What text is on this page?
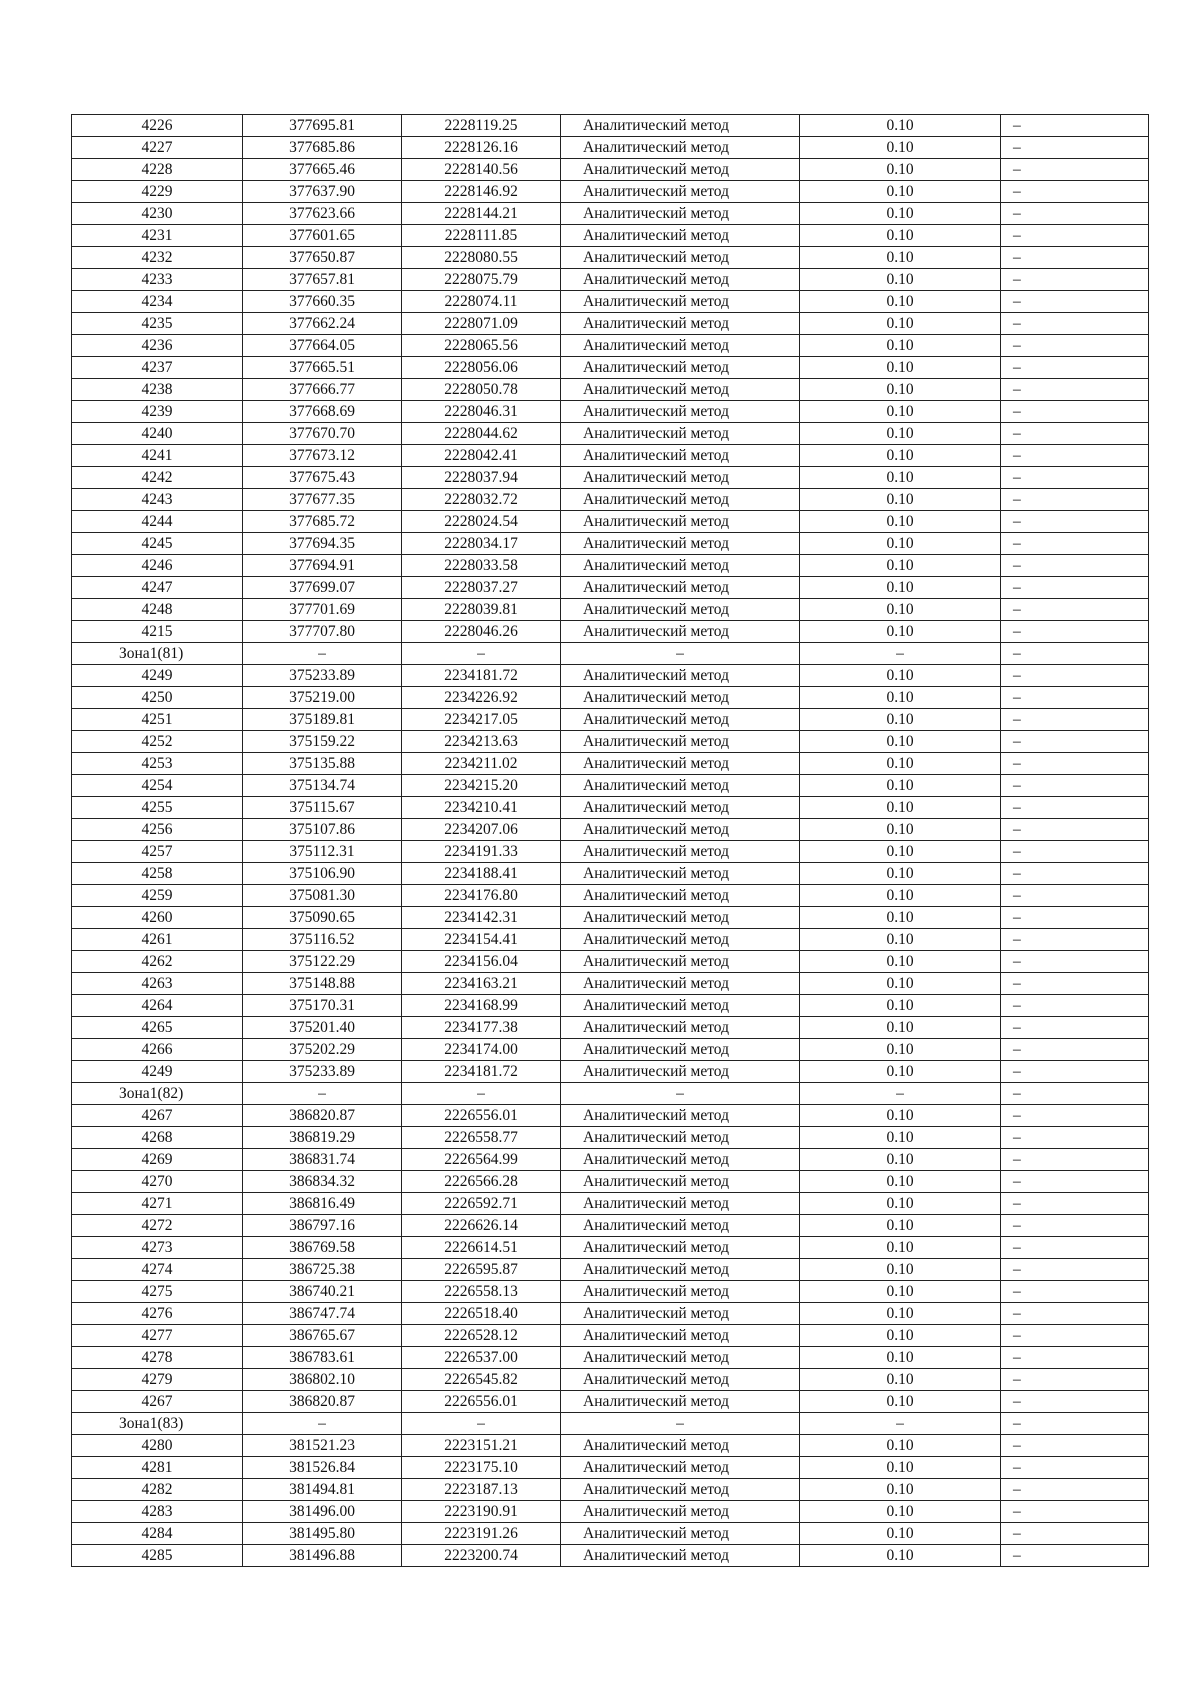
4226	377695.81	2228119.25	Аналитический метод	0.10	–
4227	377685.86	2228126.16	Аналитический метод	0.10	–
4228	377665.46	2228140.56	Аналитический метод	0.10	–
4229	377637.90	2228146.92	Аналитический метод	0.10	–
4230	377623.66	2228144.21	Аналитический метод	0.10	–
4231	377601.65	2228111.85	Аналитический метод	0.10	–
4232	377650.87	2228080.55	Аналитический метод	0.10	–
4233	377657.81	2228075.79	Аналитический метод	0.10	–
4234	377660.35	2228074.11	Аналитический метод	0.10	–
4235	377662.24	2228071.09	Аналитический метод	0.10	–
4236	377664.05	2228065.56	Аналитический метод	0.10	–
4237	377665.51	2228056.06	Аналитический метод	0.10	–
4238	377666.77	2228050.78	Аналитический метод	0.10	–
4239	377668.69	2228046.31	Аналитический метод	0.10	–
4240	377670.70	2228044.62	Аналитический метод	0.10	–
4241	377673.12	2228042.41	Аналитический метод	0.10	–
4242	377675.43	2228037.94	Аналитический метод	0.10	–
4243	377677.35	2228032.72	Аналитический метод	0.10	–
4244	377685.72	2228024.54	Аналитический метод	0.10	–
4245	377694.35	2228034.17	Аналитический метод	0.10	–
4246	377694.91	2228033.58	Аналитический метод	0.10	–
4247	377699.07	2228037.27	Аналитический метод	0.10	–
4248	377701.69	2228039.81	Аналитический метод	0.10	–
4215	377707.80	2228046.26	Аналитический метод	0.10	–
Зона1(81)	–	–	–	–	–
4249	375233.89	2234181.72	Аналитический метод	0.10	–
4250	375219.00	2234226.92	Аналитический метод	0.10	–
4251	375189.81	2234217.05	Аналитический метод	0.10	–
4252	375159.22	2234213.63	Аналитический метод	0.10	–
4253	375135.88	2234211.02	Аналитический метод	0.10	–
4254	375134.74	2234215.20	Аналитический метод	0.10	–
4255	375115.67	2234210.41	Аналитический метод	0.10	–
4256	375107.86	2234207.06	Аналитический метод	0.10	–
4257	375112.31	2234191.33	Аналитический метод	0.10	–
4258	375106.90	2234188.41	Аналитический метод	0.10	–
4259	375081.30	2234176.80	Аналитический метод	0.10	–
4260	375090.65	2234142.31	Аналитический метод	0.10	–
4261	375116.52	2234154.41	Аналитический метод	0.10	–
4262	375122.29	2234156.04	Аналитический метод	0.10	–
4263	375148.88	2234163.21	Аналитический метод	0.10	–
4264	375170.31	2234168.99	Аналитический метод	0.10	–
4265	375201.40	2234177.38	Аналитический метод	0.10	–
4266	375202.29	2234174.00	Аналитический метод	0.10	–
4249	375233.89	2234181.72	Аналитический метод	0.10	–
Зона1(82)	–	–	–	–	–
4267	386820.87	2226556.01	Аналитический метод	0.10	–
4268	386819.29	2226558.77	Аналитический метод	0.10	–
4269	386831.74	2226564.99	Аналитический метод	0.10	–
4270	386834.32	2226566.28	Аналитический метод	0.10	–
4271	386816.49	2226592.71	Аналитический метод	0.10	–
4272	386797.16	2226626.14	Аналитический метод	0.10	–
4273	386769.58	2226614.51	Аналитический метод	0.10	–
4274	386725.38	2226595.87	Аналитический метод	0.10	–
4275	386740.21	2226558.13	Аналитический метод	0.10	–
4276	386747.74	2226518.40	Аналитический метод	0.10	–
4277	386765.67	2226528.12	Аналитический метод	0.10	–
4278	386783.61	2226537.00	Аналитический метод	0.10	–
4279	386802.10	2226545.82	Аналитический метод	0.10	–
4267	386820.87	2226556.01	Аналитический метод	0.10	–
Зона1(83)	–	–	–	–	–
4280	381521.23	2223151.21	Аналитический метод	0.10	–
4281	381526.84	2223175.10	Аналитический метод	0.10	–
4282	381494.81	2223187.13	Аналитический метод	0.10	–
4283	381496.00	2223190.91	Аналитический метод	0.10	–
4284	381495.80	2223191.26	Аналитический метод	0.10	–
4285	381496.88	2223200.74	Аналитический метод	0.10	–
